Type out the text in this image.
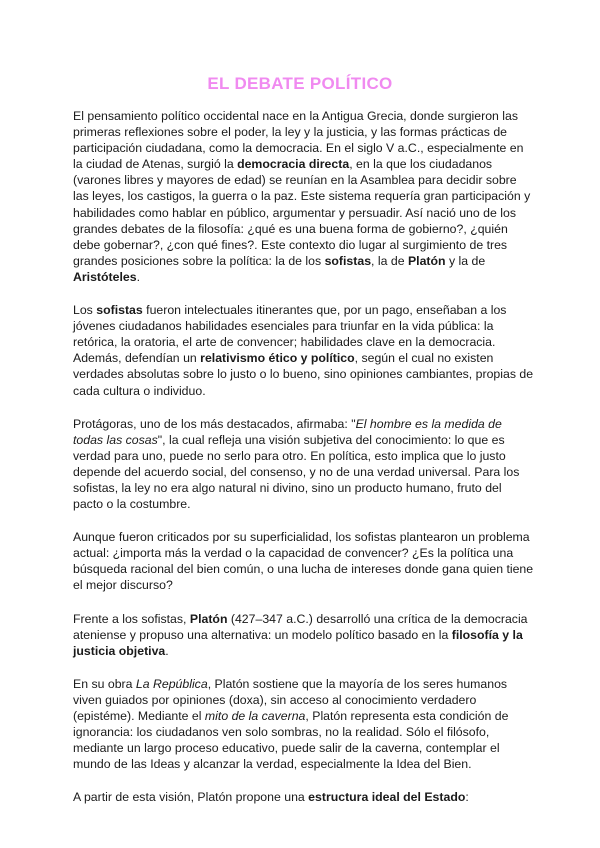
EL DEBATE POLÍTICO

El pensamiento político occidental nace en la Antigua Grecia, donde surgieron las primeras reflexiones sobre el poder, la ley y la justicia, y las formas prácticas de participación ciudadana, como la democracia. En el siglo V a.C., especialmente en la ciudad de Atenas, surgió la democracia directa, en la que los ciudadanos (varones libres y mayores de edad) se reunían en la Asamblea para decidir sobre las leyes, los castigos, la guerra o la paz. Este sistema requería gran participación y habilidades como hablar en público, argumentar y persuadir. Así nació uno de los grandes debates de la filosofía: ¿qué es una buena forma de gobierno?, ¿quién debe gobernar?, ¿con qué fines?. Este contexto dio lugar al surgimiento de tres grandes posiciones sobre la política: la de los sofistas, la de Platón y la de Aristóteles.

Los sofistas fueron intelectuales itinerantes que, por un pago, enseñaban a los jóvenes ciudadanos habilidades esenciales para triunfar en la vida pública: la retórica, la oratoria, el arte de convencer; habilidades clave en la democracia. Además, defendían un relativismo ético y político, según el cual no existen verdades absolutas sobre lo justo o lo bueno, sino opiniones cambiantes, propias de cada cultura o individuo.

Protágoras, uno de los más destacados, afirmaba: "El hombre es la medida de todas las cosas", la cual refleja una visión subjetiva del conocimiento: lo que es verdad para uno, puede no serlo para otro. En política, esto implica que lo justo depende del acuerdo social, del consenso, y no de una verdad universal. Para los sofistas, la ley no era algo natural ni divino, sino un producto humano, fruto del pacto o la costumbre.

Aunque fueron criticados por su superficialidad, los sofistas plantearon un problema actual: ¿importa más la verdad o la capacidad de convencer? ¿Es la política una búsqueda racional del bien común, o una lucha de intereses donde gana quien tiene el mejor discurso?

Frente a los sofistas, Platón (427–347 a.C.) desarrolló una crítica de la democracia ateniense y propuso una alternativa: un modelo político basado en la filosofía y la justicia objetiva.

En su obra La República, Platón sostiene que la mayoría de los seres humanos viven guiados por opiniones (doxa), sin acceso al conocimiento verdadero (epistéme). Mediante el mito de la caverna, Platón representa esta condición de ignorancia: los ciudadanos ven solo sombras, no la realidad. Sólo el filósofo, mediante un largo proceso educativo, puede salir de la caverna, contemplar el mundo de las Ideas y alcanzar la verdad, especialmente la Idea del Bien.

A partir de esta visión, Platón propone una estructura ideal del Estado:
